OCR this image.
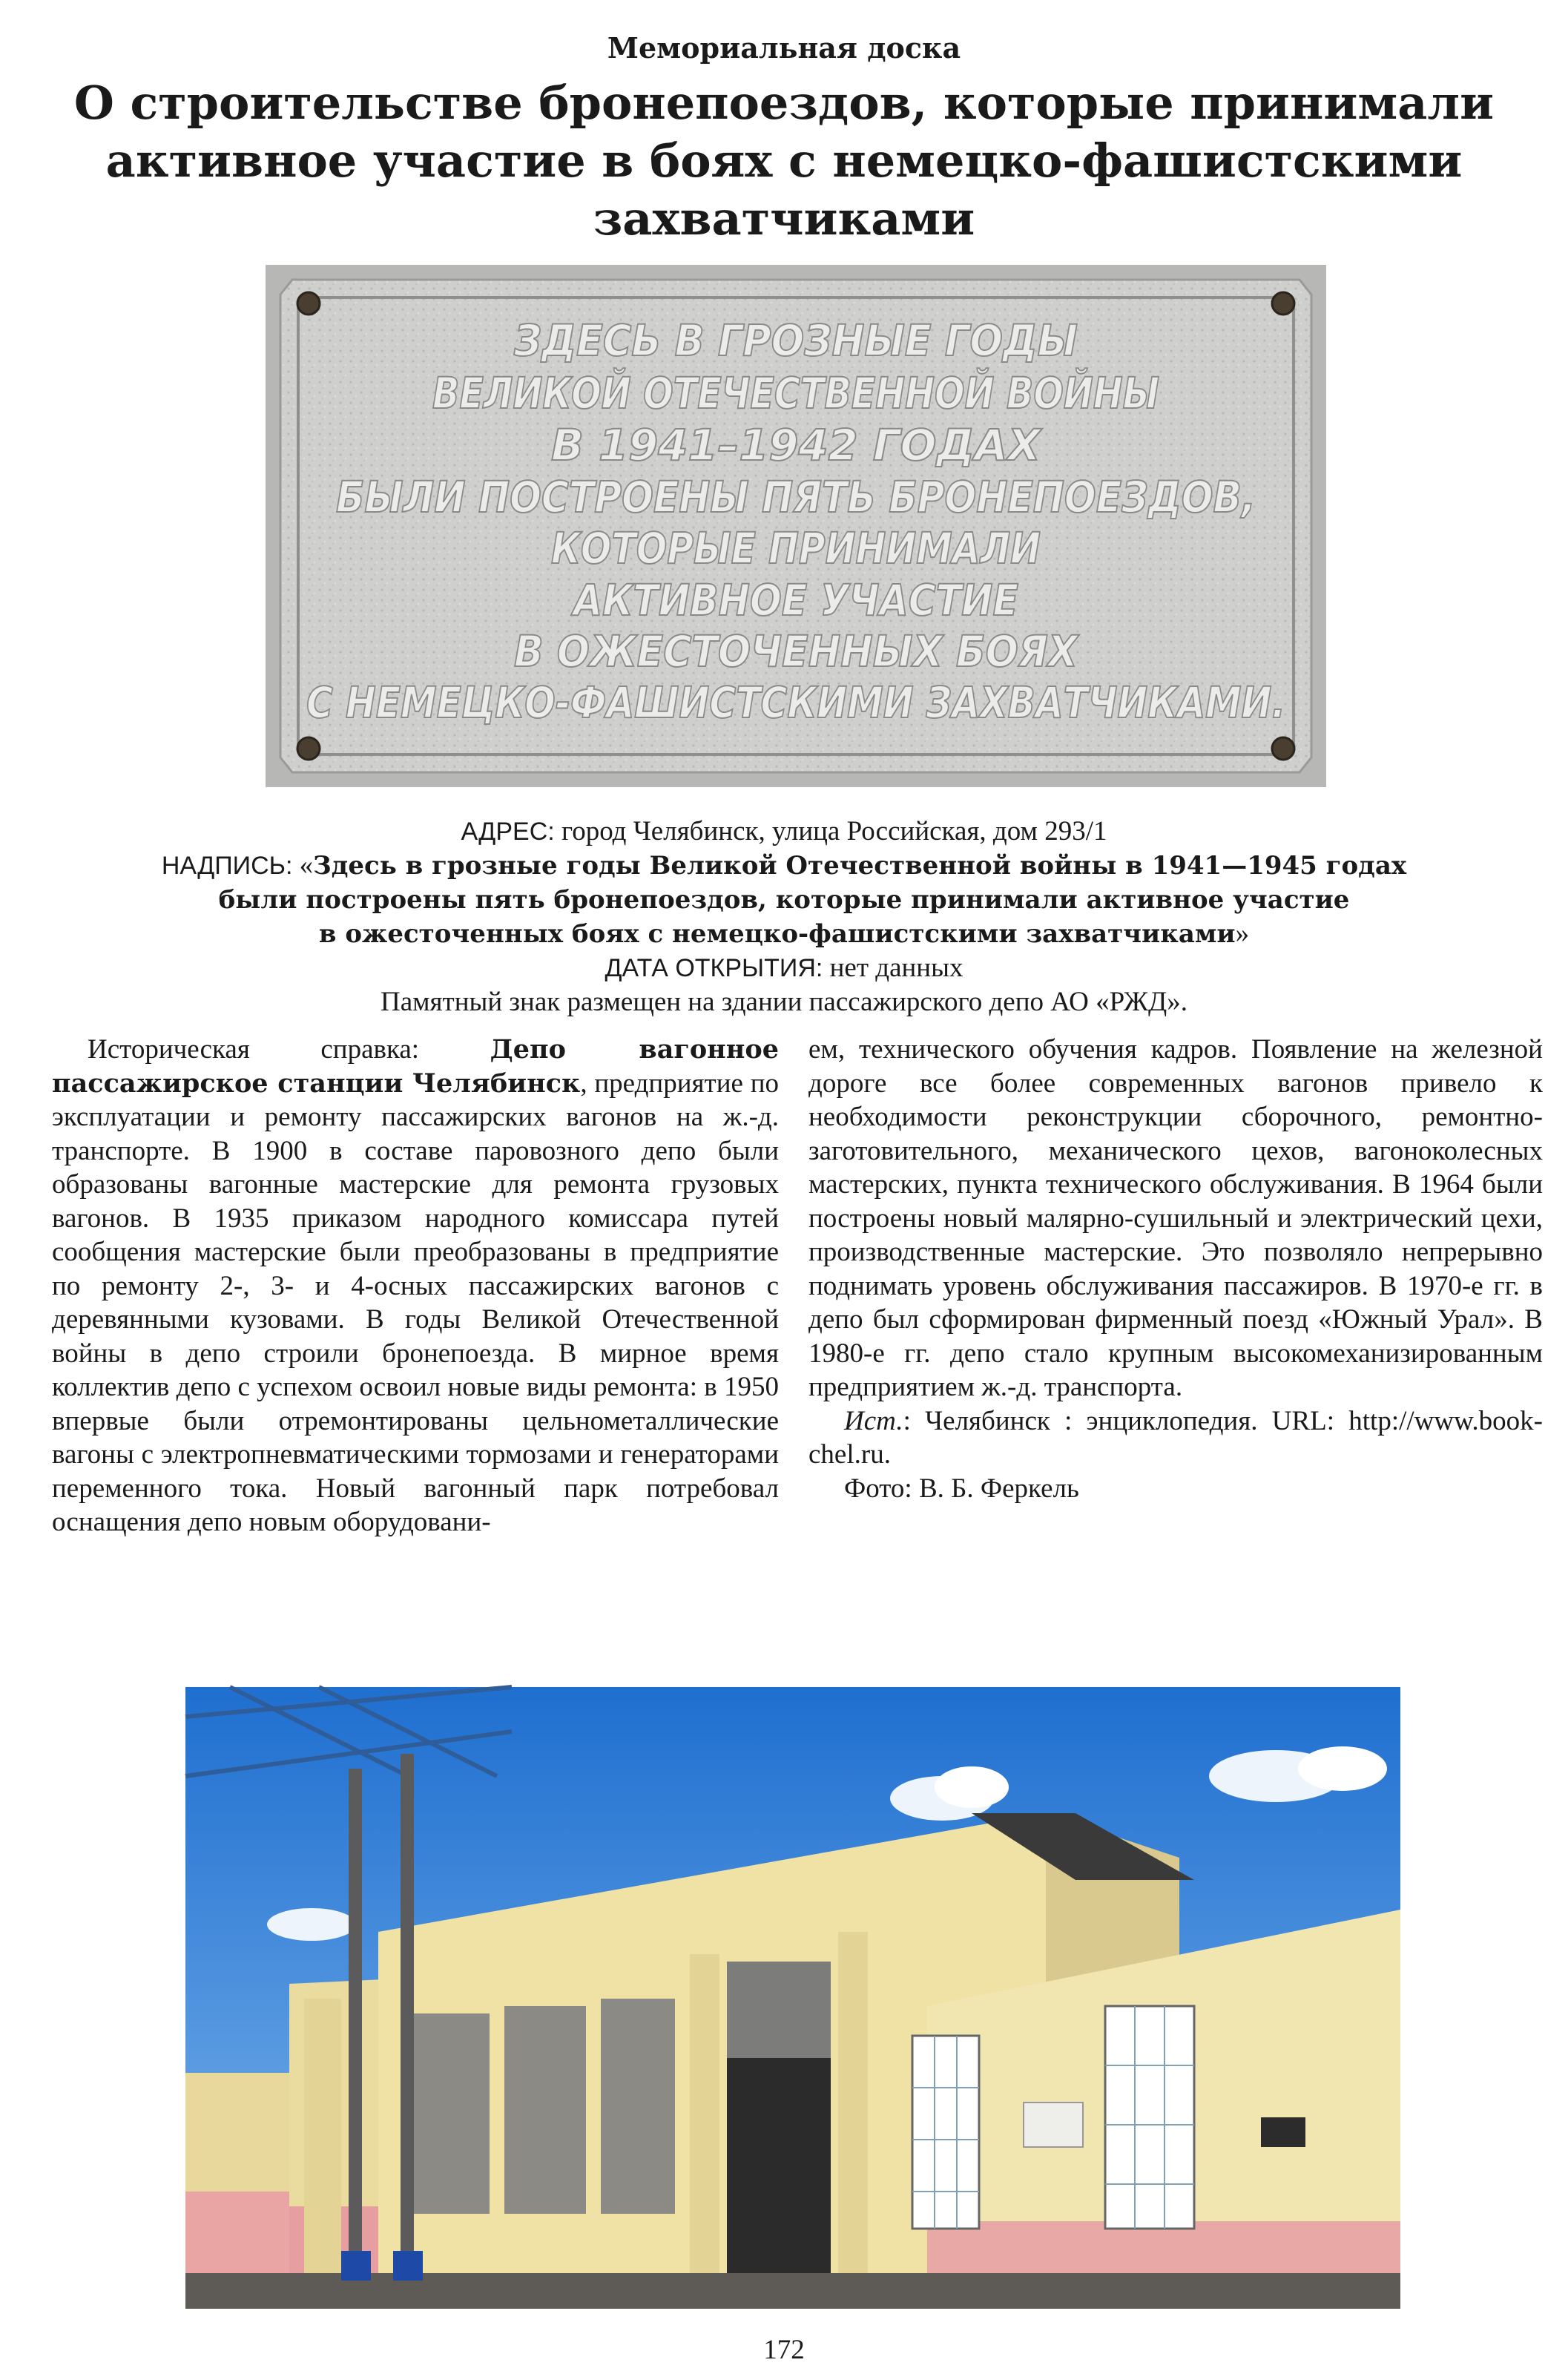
Мемориальная доска
О строительстве бронепоездов, которые принимали активное участие в боях с немецко-фашистскими захватчиками
ЗДЕСЬ В ГРОЗНЫЕ ГОДЫ
ВЕЛИКОЙ ОТЕЧЕСТВЕННОЙ ВОЙНЫ
В 1941–1942 ГОДАХ
БЫЛИ ПОСТРОЕНЫ ПЯТЬ БРОНЕПОЕЗДОВ,
КОТОРЫЕ ПРИНИМАЛИ
АКТИВНОЕ УЧАСТИЕ
В ОЖЕСТОЧЕННЫХ БОЯХ
С НЕМЕЦКО-ФАШИСТСКИМИ ЗАХВАТЧИКАМИ.
АДРЕС: город Челябинск, улица Российская, дом 293/1
НАДПИСЬ: «Здесь в грозные годы Великой Отечественной войны в 1941—1945 годах
были построены пять бронепоездов, которые принимали активное участие
в ожесточенных боях с немецко-фашистскими захватчиками»
ДАТА ОТКРЫТИЯ: нет данных
Памятный знак размещен на здании пассажирского депо АО «РЖД».

Историческая справка:	Депо вагонное пассажирское станции Челябинск, предприятие по эксплуатации и ремонту пассажирских вагонов на ж.-д. транспорте. В 1900 в составе паровозного депо были образованы вагонные мастерские для ремонта грузовых вагонов. В 1935 приказом народного комиссара путей сообщения мастерские были преобразованы в предприятие по ремонту 2-, 3- и 4-осных пассажирских вагонов с деревянными кузовами. В годы Великой Отечественной войны в депо строили бронепоезда. В мирное время коллектив депо с успехом освоил новые виды ремонта: в 1950 впервые были отремонтированы цельнометаллические вагоны с электропневматическими тормозами и генераторами переменного тока. Новый вагонный парк потребовал оснащения депо новым оборудовани-

ем, технического обучения кадров. Появление на железной дороге все более современных вагонов привело к необходимости реконструкции сборочного, ремонтно-заготовительного, механического цехов, вагоноколесных мастерских, пункта технического обслуживания. В 1964 были построены новый малярно-сушильный и электрический цехи, производственные мастерские. Это позволяло непрерывно поднимать уровень обслуживания пассажиров. В 1970-е гг. в депо был сформирован фирменный поезд «Южный Урал». В 1980-е гг. депо стало крупным высокомеханизированным предприятием ж.-д. транспорта.

Ист.: Челябинск : энциклопедия. URL: http://www.book-chel.ru.

Фото: В. Б. Феркель

172
